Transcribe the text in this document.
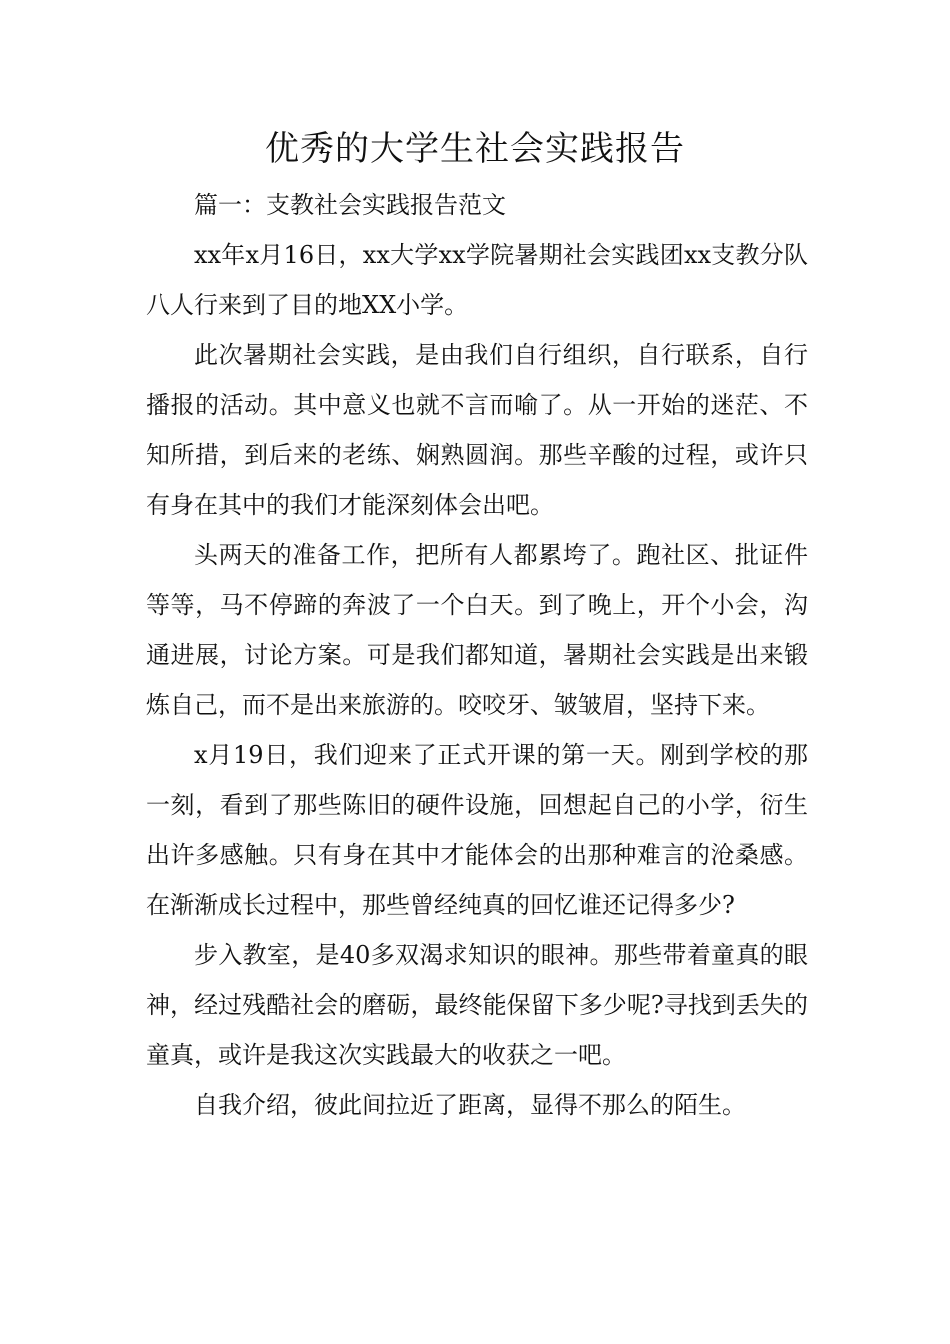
优秀的大学生社会实践报告

篇一：支教社会实践报告范文

xx年x月16日，xx大学xx学院暑期社会实践团xx支教分队八人行来到了目的地XX小学。

此次暑期社会实践，是由我们自行组织，自行联系，自行播报的活动。其中意义也就不言而喻了。从一开始的迷茫、不知所措，到后来的老练、娴熟圆润。那些辛酸的过程，或许只有身在其中的我们才能深刻体会出吧。

头两天的准备工作，把所有人都累垮了。跑社区、批证件等等，马不停蹄的奔波了一个白天。到了晚上，开个小会，沟通进展，讨论方案。可是我们都知道，暑期社会实践是出来锻炼自己，而不是出来旅游的。咬咬牙、皱皱眉，坚持下来。

x月19日，我们迎来了正式开课的第一天。刚到学校的那一刻，看到了那些陈旧的硬件设施，回想起自己的小学，衍生出许多感触。只有身在其中才能体会的出那种难言的沧桑感。在渐渐成长过程中，那些曾经纯真的回忆谁还记得多少?

步入教室，是40多双渴求知识的眼神。那些带着童真的眼神，经过残酷社会的磨砺，最终能保留下多少呢?寻找到丢失的童真，或许是我这次实践最大的收获之一吧。

自我介绍，彼此间拉近了距离，显得不那么的陌生。
